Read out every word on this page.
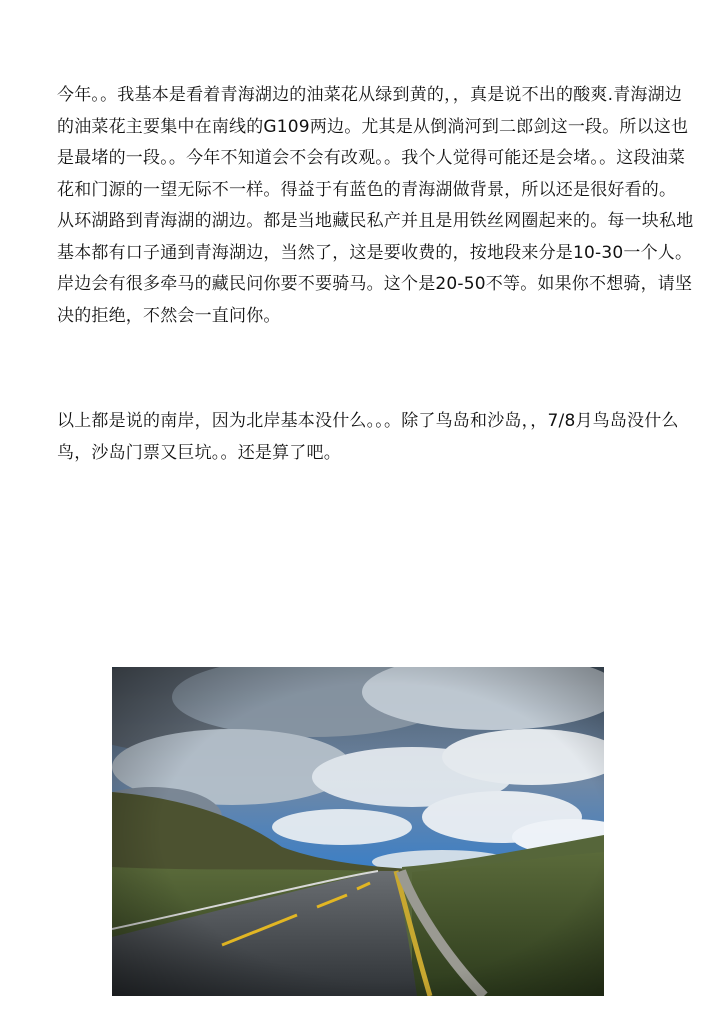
今年。。我基本是看着青海湖边的油菜花从绿到黄的，，真是说不出的酸爽.青海湖边的油菜花主要集中在南线的G109两边。尤其是从倒淌河到二郎剑这一段。所以这也是最堵的一段。。今年不知道会不会有改观。。我个人觉得可能还是会堵。。这段油菜花和门源的一望无际不一样。得益于有蓝色的青海湖做背景，所以还是很好看的。

从环湖路到青海湖的湖边。都是当地藏民私产并且是用铁丝网圈起来的。每一块私地基本都有口子通到青海湖边，当然了，这是要收费的，按地段来分是10-30一个人。岸边会有很多牵马的藏民问你要不要骑马。这个是20-50不等。如果你不想骑，请坚决的拒绝，不然会一直问你。

以上都是说的南岸，因为北岸基本没什么。。。除了鸟岛和沙岛，，7/8月鸟岛没什么鸟，沙岛门票又巨坑。。还是算了吧。
